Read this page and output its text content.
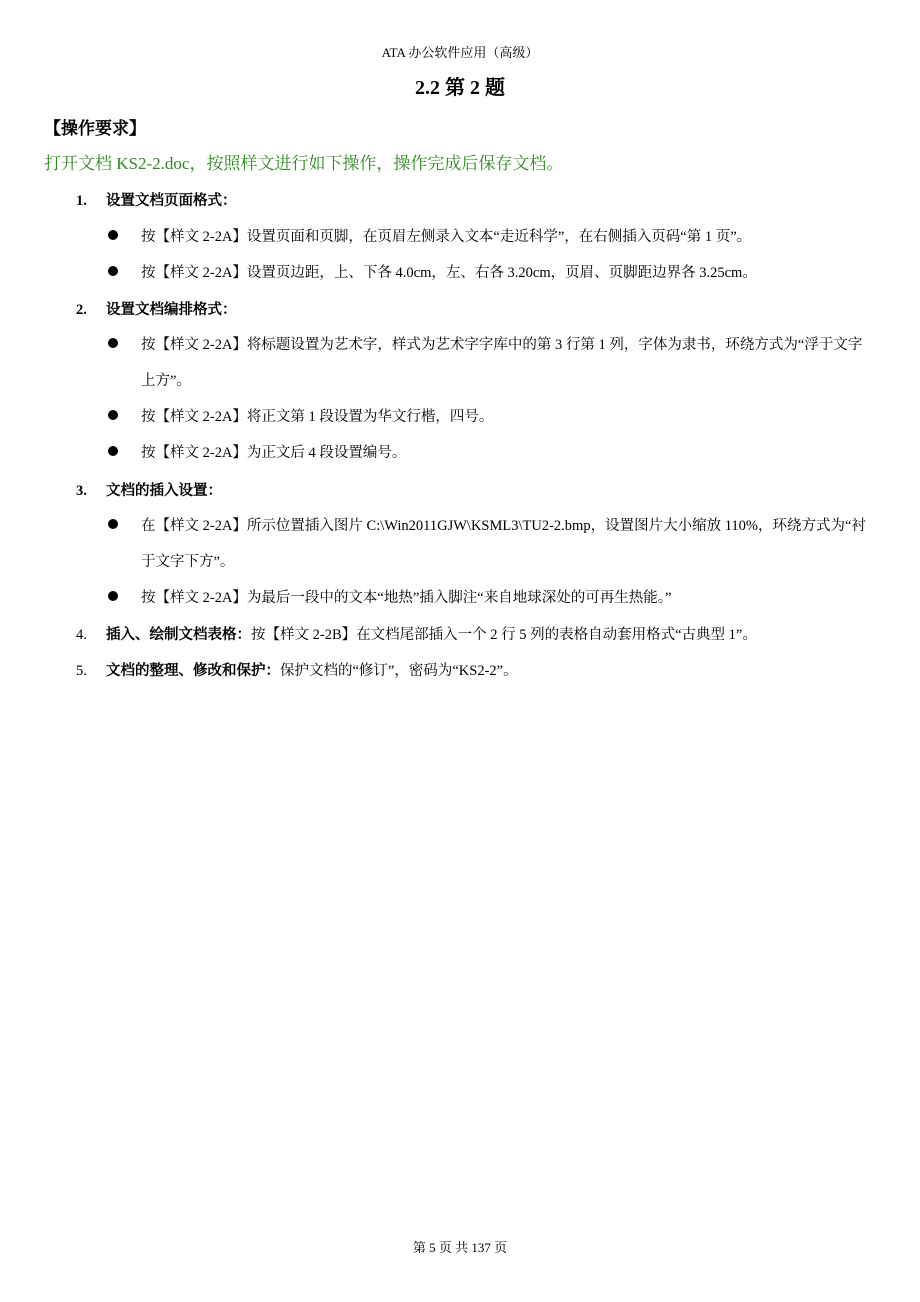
ATA 办公软件应用（高级）
2.2 第 2 题
【操作要求】
打开文档 KS2-2.doc，按照样文进行如下操作，操作完成后保存文档。
1. 设置文档页面格式：
按【样文 2-2A】设置页面和页脚，在页眉左侧录入文本“走近科学”，在右侧插入页码“第 1 页”。
按【样文 2-2A】设置页边距，上、下各 4.0cm，左、右各 3.20cm，页眉、页脚距边界各 3.25cm。
2. 设置文档编排格式：
按【样文 2-2A】将标题设置为艺术字，样式为艺术字字库中的第 3 行第 1 列，字体为隶书，环绕方式为“浮于文字上方”。
按【样文 2-2A】将正文第 1 段设置为华文行楷，四号。
按【样文 2-2A】为正文后 4 段设置编号。
3. 文档的插入设置：
在【样文 2-2A】所示位置插入图片 C:\Win2011GJW\KSML3\TU2-2.bmp，设置图片大小缩放 110%，环绕方式为“衬于文字下方”。
按【样文 2-2A】为最后一段中的文本“地热”插入脚注“来自地球深处的可再生热能。”
4. 插入、绘制文档表格：按【样文 2-2B】在文档尾部插入一个 2 行 5 列的表格自动套用格式“古典型 1”。
5. 文档的整理、修改和保护：保护文档的“修订”，密码为“KS2-2”。
第 5 页 共 137 页
